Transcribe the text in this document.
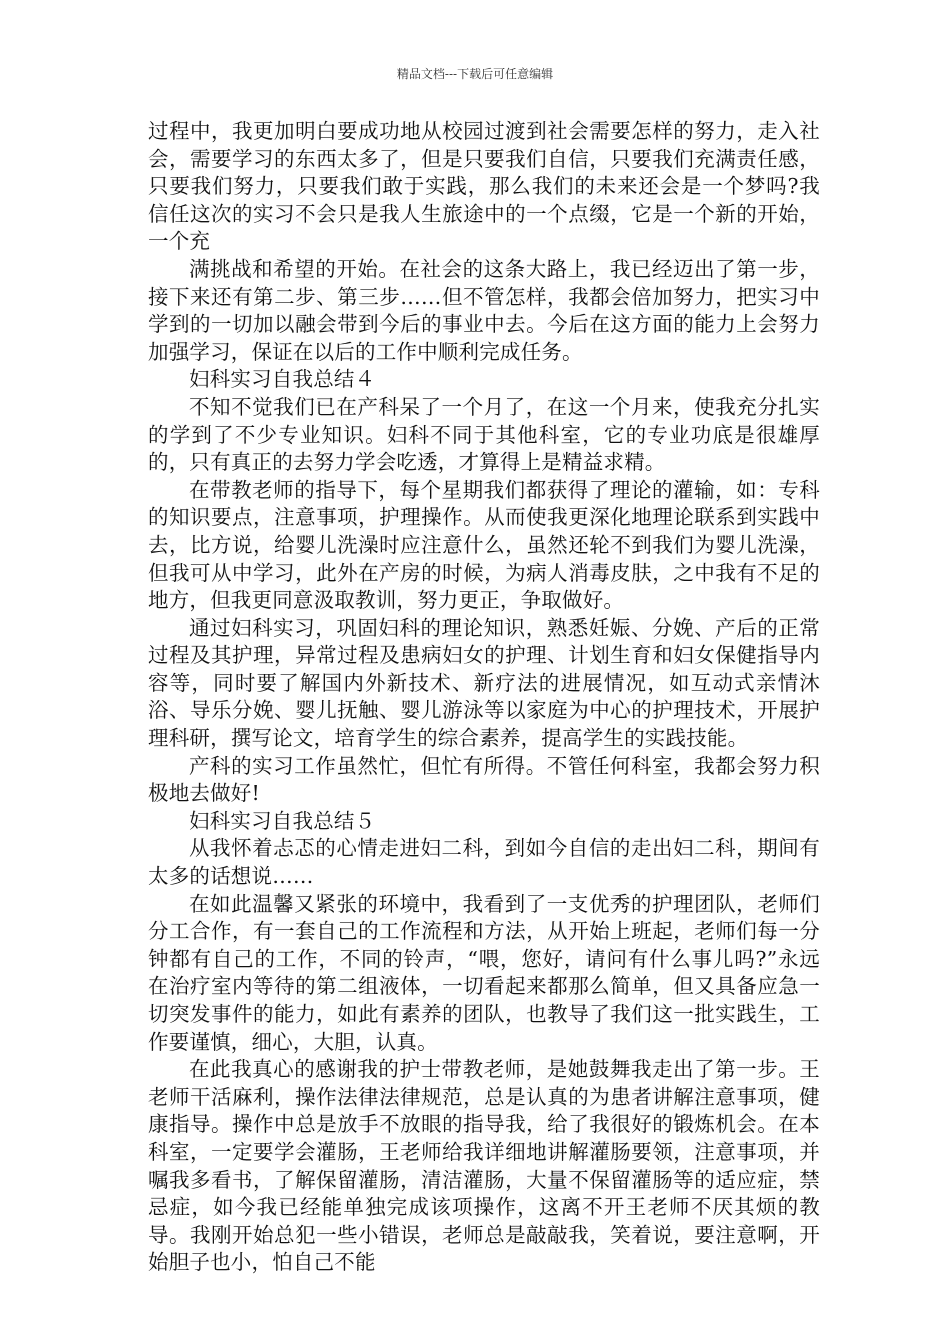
精品文档---下载后可任意编辑

过程中，我更加明白要成功地从校园过渡到社会需要怎样的努力，走入社会，需要学习的东西太多了，但是只要我们自信，只要我们充满责任感，只要我们努力，只要我们敢于实践，那么我们的未来还会是一个梦吗?我信任这次的实习不会只是我人生旅途中的一个点缀，它是一个新的开始，一个充

满挑战和希望的开始。在社会的这条大路上，我已经迈出了第一步，接下来还有第二步、第三步……但不管怎样，我都会倍加努力，把实习中学到的一切加以融会带到今后的事业中去。今后在这方面的能力上会努力加强学习，保证在以后的工作中顺利完成任务。

妇科实习自我总结４

不知不觉我们已在产科呆了一个月了，在这一个月来，使我充分扎实的学到了不少专业知识。妇科不同于其他科室，它的专业功底是很雄厚的，只有真正的去努力学会吃透，才算得上是精益求精。

在带教老师的指导下，每个星期我们都获得了理论的灌输，如：专科的知识要点，注意事项，护理操作。从而使我更深化地理论联系到实践中去，比方说，给婴儿洗澡时应注意什么，虽然还轮不到我们为婴儿洗澡，但我可从中学习，此外在产房的时候，为病人消毒皮肤，之中我有不足的地方，但我更同意汲取教训，努力更正，争取做好。

通过妇科实习，巩固妇科的理论知识，熟悉妊娠、分娩、产后的正常过程及其护理，异常过程及患病妇女的护理、计划生育和妇女保健指导内容等，同时要了解国内外新技术、新疗法的进展情况，如互动式亲情沐浴、导乐分娩、婴儿抚触、婴儿游泳等以家庭为中心的护理技术，开展护理科研，撰写论文，培育学生的综合素养，提高学生的实践技能。

产科的实习工作虽然忙，但忙有所得。不管任何科室，我都会努力积极地去做好!

妇科实习自我总结５

从我怀着忐忑的心情走进妇二科，到如今自信的走出妇二科，期间有太多的话想说……

在如此温馨又紧张的环境中，我看到了一支优秀的护理团队，老师们分工合作，有一套自己的工作流程和方法，从开始上班起，老师们每一分钟都有自己的工作，不同的铃声，“喂，您好，请问有什么事儿吗?”永远在治疗室内等待的第二组液体，一切看起来都那么简单，但又具备应急一切突发事件的能力，如此有素养的团队，也教导了我们这一批实践生，工作要谨慎，细心，大胆，认真。

在此我真心的感谢我的护士带教老师，是她鼓舞我走出了第一步。王老师干活麻利，操作法律法律规范，总是认真的为患者讲解注意事项，健康指导。操作中总是放手不放眼的指导我，给了我很好的锻炼机会。在本科室，一定要学会灌肠，王老师给我详细地讲解灌肠要领，注意事项，并嘱我多看书，了解保留灌肠，清洁灌肠，大量不保留灌肠等的适应症，禁忌症，如今我已经能单独完成该项操作，这离不开王老师不厌其烦的教导。我刚开始总犯一些小错误，老师总是敲敲我，笑着说，要注意啊，开始胆子也小，怕自己不能
